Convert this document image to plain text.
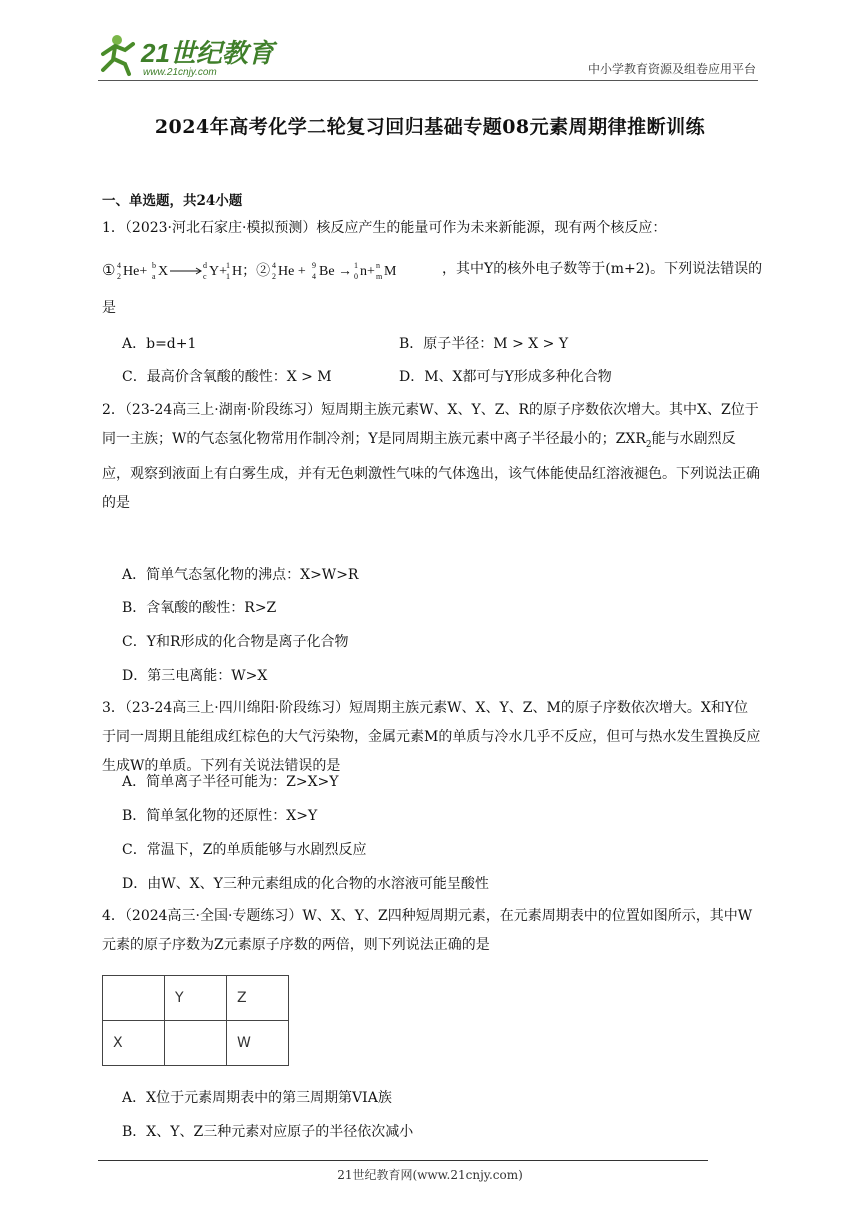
21世纪教育
www.21cnjy.com	中小学教育资源及组卷应用平台
2024年高考化学二轮复习回归基础专题08元素周期律推断训练
一、单选题，共24小题
1．（2023·河北石家庄·模拟预测）核反应产生的能量可作为未来新能源，现有两个核反应：
① 4
2 He+ b
a X	d
c Y+
1
1 H；② 4
2 He + 9
4 Be → 1
0 n+ n
m M	，其中Y的核外电子数等于(m+2)。下列说法错误的
是
A．b=d+1	B．原子半径：M > X > Y
C．最高价含氧酸的酸性：X > M	D．M、X都可与Y形成多种化合物
2．（23-24高三上·湖南·阶段练习）短周期主族元素W、X、Y、Z、R的原子序数依次增大。其中X、Z位于同一主族；W的气态氢化物常用作制冷剂；Y是同周期主族元素中离子半径最小的；$ZXR_2$能与水剧烈反应，观察到液面上有白雾生成，并有无色刺激性气味的气体逸出，该气体能使品红溶液褪色。下列说法正确的是
A．简单气态氢化物的沸点：X>W>R
B．含氧酸的酸性：R>Z
C．Y和R形成的化合物是离子化合物
D．第三电离能：W>X
3．（23-24高三上·四川绵阳·阶段练习）短周期主族元素W、X、Y、Z、M的原子序数依次增大。X和Y位于同一周期且能组成红棕色的大气污染物，金属元素M的单质与冷水几乎不反应，但可与热水发生置换反应生成W的单质。下列有关说法错误的是
A．简单离子半径可能为：Z>X>Y
B．简单氢化物的还原性：X>Y
C．常温下，Z的单质能够与水剧烈反应
D．由W、X、Y三种元素组成的化合物的水溶液可能呈酸性
4．（2024高三·全国·专题练习）W、X、Y、Z四种短周期元素，在元素周期表中的位置如图所示，其中W元素的原子序数为Z元素原子序数的两倍，则下列说法正确的是
	Y	Z
X		W
A．X位于元素周期表中的第三周期第VIA族
B．X、Y、Z三种元素对应原子的半径依次减小
21世纪教育网(www.21cnjy.com)
